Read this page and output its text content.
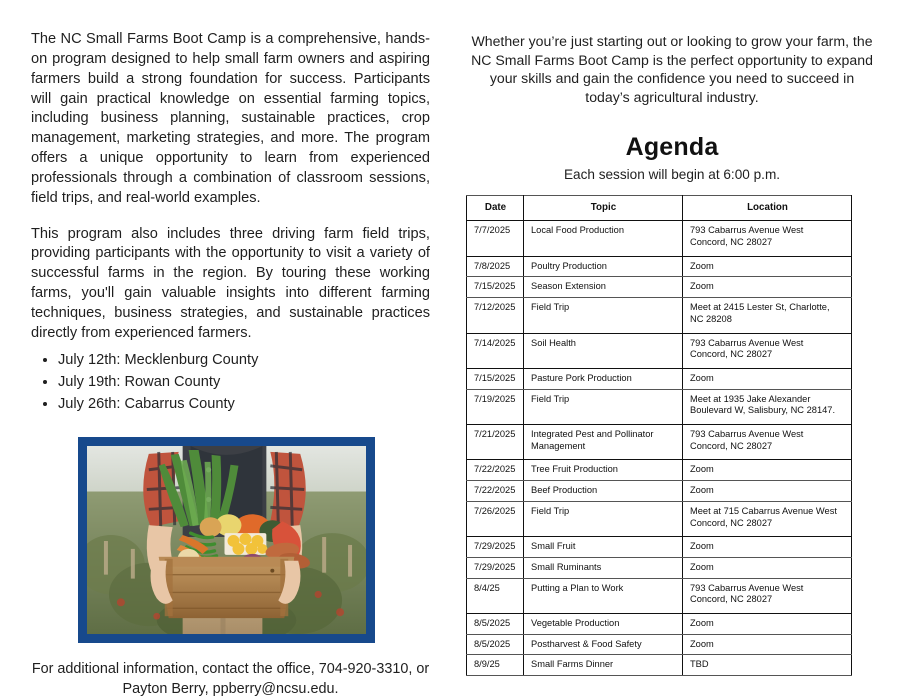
The NC Small Farms Boot Camp is a comprehensive, hands-on program designed to help small farm owners and aspiring farmers build a strong foundation for success. Participants will gain practical knowledge on essential farming topics, including business planning, sustainable practices, crop management, marketing strategies, and more. The program offers a unique opportunity to learn from experienced professionals through a combination of classroom sessions, field trips, and real-world examples.

This program also includes three driving farm field trips, providing participants with the opportunity to visit a variety of successful farms in the region. By touring these working farms, you'll gain valuable insights into different farming techniques, business strategies, and sustainable practices directly from experienced farmers.

• July 12th: Mecklenburg County
• July 19th: Rowan County
• July 26th: Cabarrus County

For additional information, contact the office, 704-920-3310, or Payton Berry, ppberry@ncsu.edu.

Whether you’re just starting out or looking to grow your farm, the NC Small Farms Boot Camp is the perfect opportunity to expand your skills and gain the confidence you need to succeed in today’s agricultural industry.

Agenda

Each session will begin at 6:00 p.m.

Date	Topic	Location
7/7/2025	Local Food Production	793 Cabarrus Avenue West
Concord, NC 28027

7/8/2025	Poultry Production	Zoom

7/15/2025	Season Extension	Zoom

7/12/2025	Field Trip	Meet at 2415 Lester St, Charlotte,
NC 28208

7/14/2025	Soil Health	793 Cabarrus Avenue West
Concord, NC 28027

7/15/2025	Pasture Pork Production	Zoom

7/19/2025	Field Trip	Meet at 1935 Jake Alexander
Boulevard W, Salisbury, NC 28147.

7/21/2025	Integrated Pest and Pollinator Management	793 Cabarrus Avenue West
Concord, NC 28027

7/22/2025	Tree Fruit Production	Zoom

7/22/2025	Beef Production	Zoom

7/26/2025	Field Trip	Meet at 715 Cabarrus Avenue West
Concord, NC 28027

7/29/2025	Small Fruit	Zoom

7/29/2025	Small Ruminants	Zoom

8/4/25	Putting a Plan to Work	793 Cabarrus Avenue West
Concord, NC 28027

8/5/2025	Vegetable Production	Zoom

8/5/2025	Postharvest & Food Safety	Zoom

8/9/25	Small Farms Dinner	TBD
